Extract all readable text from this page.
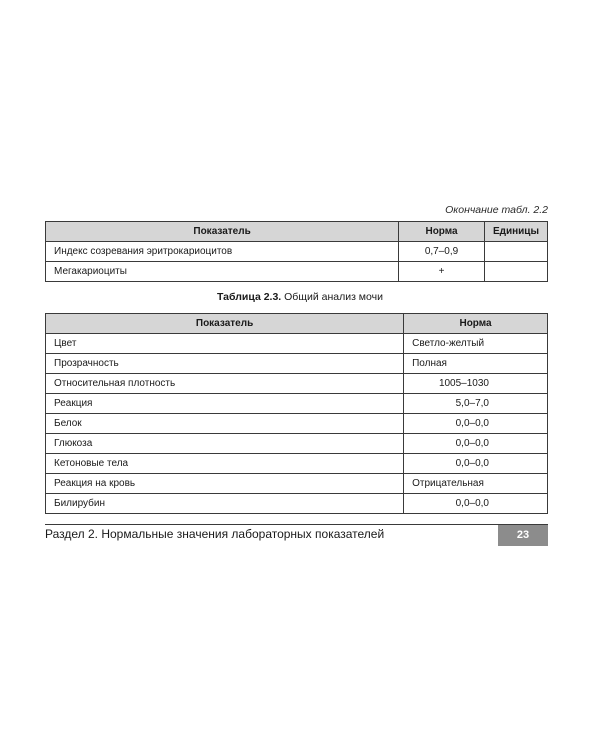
Окончание табл. 2.2
Показатель	Норма	Единицы
Индекс созревания эритрокариоцитов	0,7–0,9	
Мегакариоциты	+	
Таблица 2.3. Общий анализ мочи
Показатель	Норма
Цвет	Светло-желтый
Прозрачность	Полная
Относительная плотность	1005–1030
Реакция	5,0–7,0
Белок	0,0–0,0
Глюкоза	0,0–0,0
Кетоновые тела	0,0–0,0
Реакция на кровь	Отрицательная
Билирубин	0,0–0,0
Раздел 2. Нормальные значения лабораторных показателей	23
